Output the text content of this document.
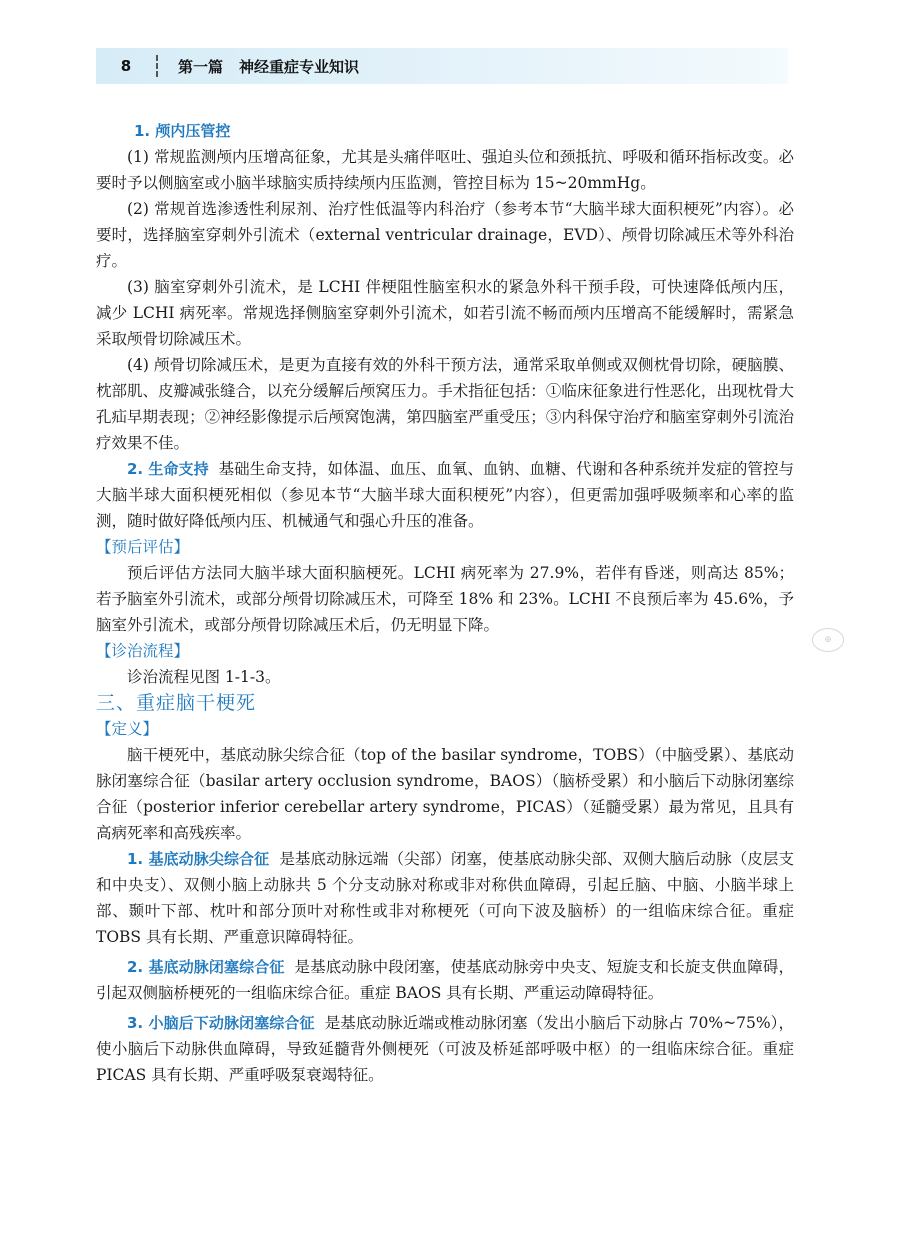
8	第一篇 神经重症专业知识
⊕

1. 颅内压管控

(1) 常规监测颅内压增高征象，尤其是头痛伴呕吐、强迫头位和颈抵抗、呼吸和循环指标改变。必要时予以侧脑室或小脑半球脑实质持续颅内压监测，管控目标为 15~20mmHg。

(2) 常规首选渗透性利尿剂、治疗性低温等内科治疗（参考本节“大脑半球大面积梗死”内容）。必要时，选择脑室穿刺外引流术（external ventricular drainage，EVD）、颅骨切除减压术等外科治疗。

(3) 脑室穿刺外引流术，是 LCHI 伴梗阻性脑室积水的紧急外科干预手段，可快速降低颅内压，减少 LCHI 病死率。常规选择侧脑室穿刺外引流术，如若引流不畅而颅内压增高不能缓解时，需紧急采取颅骨切除减压术。

(4) 颅骨切除减压术，是更为直接有效的外科干预方法，通常采取单侧或双侧枕骨切除，硬脑膜、枕部肌、皮瓣减张缝合，以充分缓解后颅窝压力。手术指征包括：①临床征象进行性恶化，出现枕骨大孔疝早期表现；②神经影像提示后颅窝饱满，第四脑室严重受压；③内科保守治疗和脑室穿刺外引流治疗效果不佳。

2. 生命支持 基础生命支持，如体温、血压、血氧、血钠、血糖、代谢和各种系统并发症的管控与大脑半球大面积梗死相似（参见本节“大脑半球大面积梗死”内容），但更需加强呼吸频率和心率的监测，随时做好降低颅内压、机械通气和强心升压的准备。

【预后评估】

预后评估方法同大脑半球大面积脑梗死。LCHI 病死率为 27.9%，若伴有昏迷，则高达 85%；若予脑室外引流术，或部分颅骨切除减压术，可降至 18% 和 23%。LCHI 不良预后率为 45.6%，予脑室外引流术，或部分颅骨切除减压术后，仍无明显下降。

【诊治流程】

诊治流程见图 1-1-3。

三、重症脑干梗死

【定义】

脑干梗死中，基底动脉尖综合征（top of the basilar syndrome，TOBS）（中脑受累）、基底动脉闭塞综合征（basilar artery occlusion syndrome，BAOS）（脑桥受累）和小脑后下动脉闭塞综合征（posterior inferior cerebellar artery syndrome，PICAS）（延髓受累）最为常见，且具有高病死率和高残疾率。

1. 基底动脉尖综合征 是基底动脉远端（尖部）闭塞，使基底动脉尖部、双侧大脑后动脉（皮层支和中央支）、双侧小脑上动脉共 5 个分支动脉对称或非对称供血障碍，引起丘脑、中脑、小脑半球上部、颞叶下部、枕叶和部分顶叶对称性或非对称梗死（可向下波及脑桥）的一组临床综合征。重症 TOBS 具有长期、严重意识障碍特征。

2. 基底动脉闭塞综合征 是基底动脉中段闭塞，使基底动脉旁中央支、短旋支和长旋支供血障碍，引起双侧脑桥梗死的一组临床综合征。重症 BAOS 具有长期、严重运动障碍特征。

3. 小脑后下动脉闭塞综合征 是基底动脉近端或椎动脉闭塞（发出小脑后下动脉占 70%~75%），使小脑后下动脉供血障碍，导致延髓背外侧梗死（可波及桥延部呼吸中枢）的一组临床综合征。重症 PICAS 具有长期、严重呼吸泵衰竭特征。
